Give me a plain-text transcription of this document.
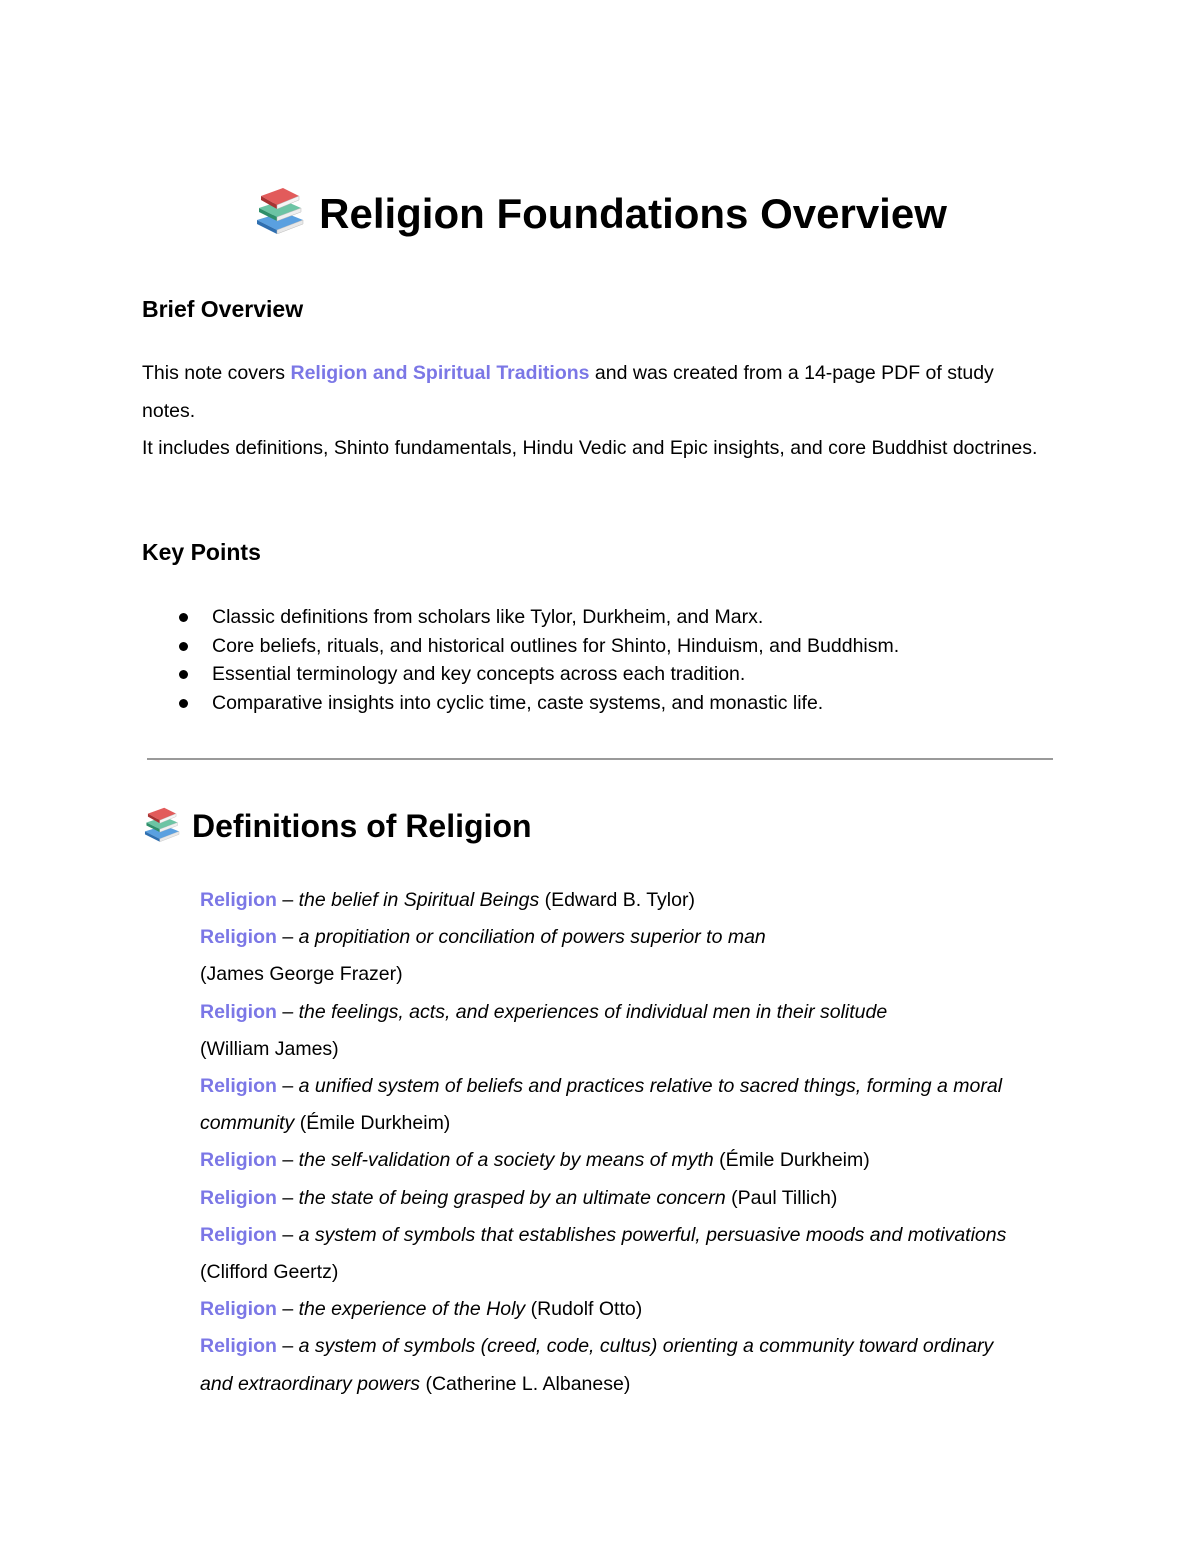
Religion Foundations Overview
Brief Overview

This note covers Religion and Spiritual Traditions and was created from a 14-page PDF of study notes.
It includes definitions, Shinto fundamentals, Hindu Vedic and Epic insights, and core Buddhist doctrines.

Key Points
Classic definitions from scholars like Tylor, Durkheim, and Marx.
Core beliefs, rituals, and historical outlines for Shinto, Hinduism, and Buddhism.
Essential terminology and key concepts across each tradition.
Comparative insights into cyclic time, caste systems, and monastic life.
Definitions of Religion

Religion – the belief in Spiritual Beings (Edward B. Tylor)

Religion – a propitiation or conciliation of powers superior to man
(James George Frazer)

Religion – the feelings, acts, and experiences of individual men in their solitude
(William James)

Religion – a unified system of beliefs and practices relative to sacred things, forming a moral community (Émile Durkheim)

Religion – the self-validation of a society by means of myth (Émile Durkheim)

Religion – the state of being grasped by an ultimate concern (Paul Tillich)

Religion – a system of symbols that establishes powerful, persuasive moods and motivations (Clifford Geertz)

Religion – the experience of the Holy (Rudolf Otto)

Religion – a system of symbols (creed, code, cultus) orienting a community toward ordinary and extraordinary powers (Catherine L. Albanese)
